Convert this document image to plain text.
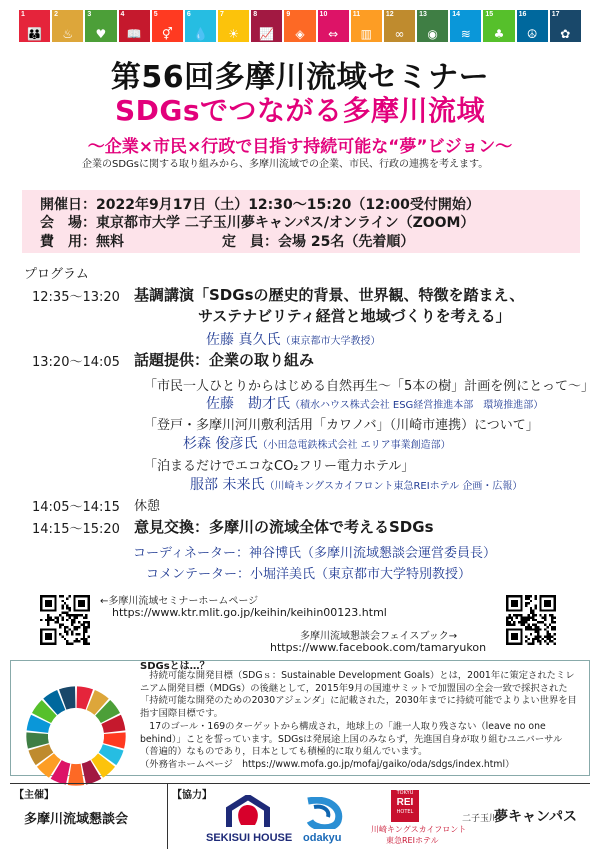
1
👪
2
♨
3
♥
4
📖
5
⚥
6
💧
7
☀
8
📈
9
◈
10
⇔
11
▥
12
∞
13
◉
14
≋
15
♣
16
☮
17
✿
第56回多摩川流域セミナー
SDGsでつながる多摩川流域
～企業×市民×行政で目指す持続可能な“夢”ビジョン～
企業のSDGsに関する取り組みから、多摩川流域での企業、市民、行政の連携を考えます。
開催日：2022年9月17日（土）12:30～15:20（12:00受付開始）
会　場：東京都市大学 二子玉川夢キャンパス/オンライン（ZOOM）
費　用：無料	定　員：会場 25名（先着順）
プログラム
12:35～13:20 基調講演「SDGsの歴史的背景、世界観、特徴を踏まえ、
サステナビリティ経営と地域づくりを考える」
佐藤 真久氏（東京都市大学教授）
13:20～14:05 話題提供：企業の取り組み
「市民一人ひとりからはじめる自然再生～「5本の樹」計画を例にとって～」
佐藤　勘才氏（積水ハウス株式会社 ESG経営推進本部　環境推進部）
「登戸・多摩川河川敷利活用「カワノバ」（川崎市連携）について」
杉森 俊彦氏（小田急電鉄株式会社 エリア事業創造部）
「泊まるだけでエコなCO₂フリー電力ホテル」
服部 未来氏（川崎キングスカイフロント東急REIホテル 企画・広報）
14:05～14:15 休憩
14:15～15:20 意見交換：多摩川の流域全体で考えるSDGs
コーディネーター：神谷博氏（多摩川流域懇談会運営委員長）
コメンテーター：小堀洋美氏（東京都市大学特別教授）
←多摩川流域セミナーホームページ
https://www.ktr.mlit.go.jp/keihin/keihin00123.html
多摩川流域懇談会フェイスブック→
https://www.facebook.com/tamaryukon
SDGsとは…？
　持続可能な開発目標（SDGｓ：Sustainable Development Goals）とは，2001年に策定されたミレニアム開発目標（MDGs）の後継として，2015年9月の国連サミットで加盟国の全会一致で採択された「持続可能な開発のための2030アジェンダ」に記載された，2030年までに持続可能でよりよい世界を目指す国際目標です。
　17のゴール・169のターゲットから構成され，地球上の「誰一人取り残さない（leave no one behind）」ことを誓っています。SDGsは発展途上国のみならず，先進国自身が取り組むユニバーサル（普遍的）なものであり，日本としても積極的に取り組んでいます。
（外務省ホームページ　https://www.mofa.go.jp/mofaj/gaiko/oda/sdgs/index.html）
【主催】
多摩川流域懇談会
【協力】
SEKISUI HOUSE odakyu
TOKYU
REI
HOTEL
川崎キングスカイフロント
東急REIホテル
二子玉川
夢キャンパス
